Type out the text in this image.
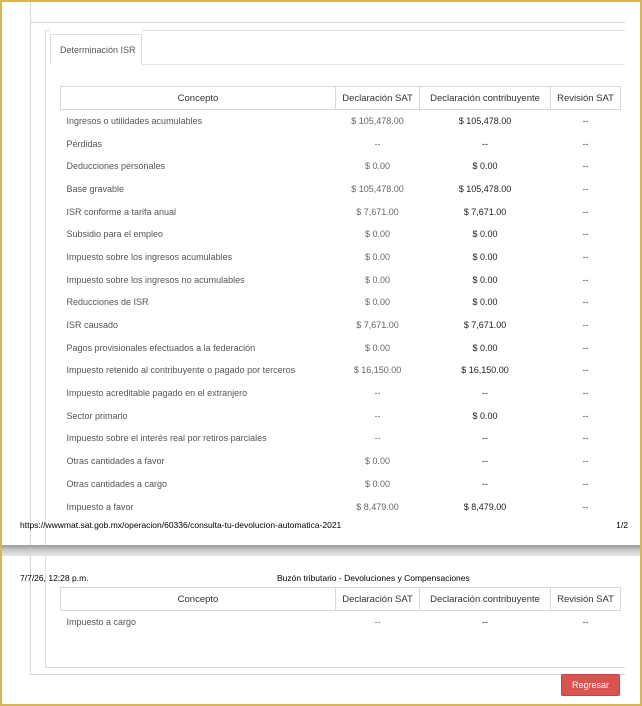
Determinación ISR
Concepto	Declaración SAT	Declaración contribuyente	Revisión SAT
Ingresos o utilidades acumulables	$ 105,478.00	$ 105,478.00	--
Pérdidas	--	--	--
Deducciones personales	$ 0.00	$ 0.00	--
Base gravable	$ 105,478.00	$ 105,478.00	--
ISR conforme a tarifa anual	$ 7,671.00	$ 7,671.00	--
Subsidio para el empleo	$ 0.00	$ 0.00	--
Impuesto sobre los ingresos acumulables	$ 0.00	$ 0.00	--
Impuesto sobre los ingresos no acumulables	$ 0.00	$ 0.00	--
Reducciones de ISR	$ 0.00	$ 0.00	--
ISR causado	$ 7,671.00	$ 7,671.00	--
Pagos provisionales efectuados a la federación	$ 0.00	$ 0.00	--
Impuesto retenido al contribuyente o pagado por terceros	$ 16,150.00	$ 16,150.00	--
Impuesto acreditable pagado en el extranjero	--	--	--
Sector primario	--	$ 0.00	--
Impuesto sobre el interés real por retiros parciales	--	--	--
Otras cantidades a favor	$ 0.00	--	--
Otras cantidades a cargo	$ 0.00	--	--
Impuesto a favor	$ 8,479.00	$ 8,479.00	--
https://wwwmat.sat.gob.mx/operacion/60336/consulta-tu-devolucion-automatica-2021	1/2
7/7/26, 12:28 p.m.	Buzón tributario - Devoluciones y Compensaciones
Concepto	Declaración SAT	Declaración contribuyente	Revisión SAT
Impuesto a cargo	--	--	--
Regresar
